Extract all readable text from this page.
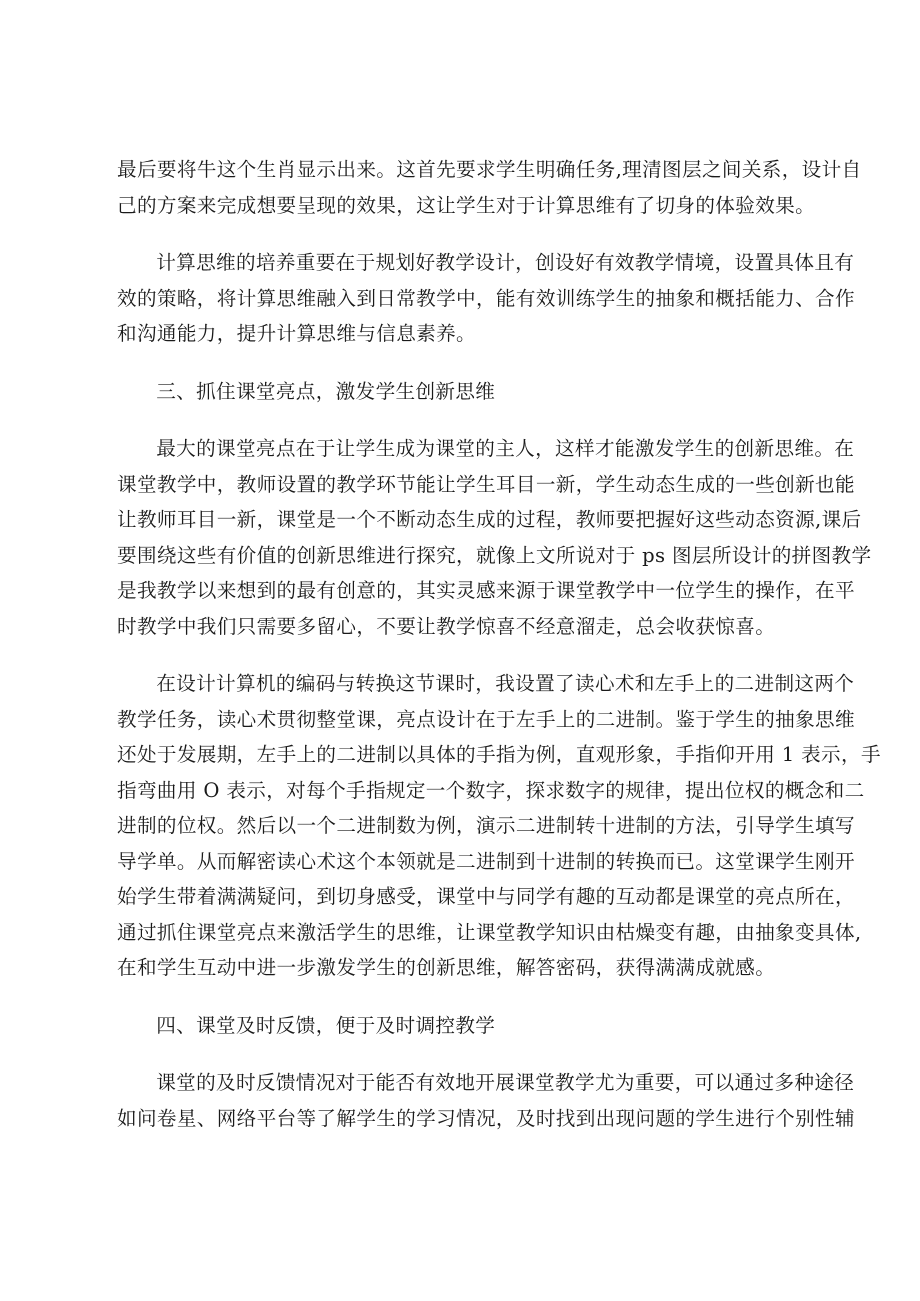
最后要将牛这个生肖显示出来。这首先要求学生明确任务,理清图层之间关系，设计自
己的方案来完成想要呈现的效果，这让学生对于计算思维有了切身的体验效果。
计算思维的培养重要在于规划好教学设计，创设好有效教学情境，设置具体且有
效的策略，将计算思维融入到日常教学中，能有效训练学生的抽象和概括能力、合作
和沟通能力，提升计算思维与信息素养。
三、抓住课堂亮点，激发学生创新思维
最大的课堂亮点在于让学生成为课堂的主人，这样才能激发学生的创新思维。在
课堂教学中，教师设置的教学环节能让学生耳目一新，学生动态生成的一些创新也能
让教师耳目一新，课堂是一个不断动态生成的过程，教师要把握好这些动态资源,课后
要围绕这些有价值的创新思维进行探究，就像上文所说对于 ps 图层所设计的拼图教学
是我教学以来想到的最有创意的，其实灵感来源于课堂教学中一位学生的操作，在平
时教学中我们只需要多留心，不要让教学惊喜不经意溜走，总会收获惊喜。
在设计计算机的编码与转换这节课时，我设置了读心术和左手上的二进制这两个
教学任务，读心术贯彻整堂课，亮点设计在于左手上的二进制。鉴于学生的抽象思维
还处于发展期，左手上的二进制以具体的手指为例，直观形象，手指仰开用 1 表示，手
指弯曲用 O 表示，对每个手指规定一个数字，探求数字的规律，提出位权的概念和二
进制的位权。然后以一个二进制数为例，演示二进制转十进制的方法，引导学生填写
导学单。从而解密读心术这个本领就是二进制到十进制的转换而已。这堂课学生刚开
始学生带着满满疑问，到切身感受，课堂中与同学有趣的互动都是课堂的亮点所在，
通过抓住课堂亮点来激活学生的思维，让课堂教学知识由枯燥变有趣，由抽象变具体,
在和学生互动中进一步激发学生的创新思维，解答密码，获得满满成就感。
四、课堂及时反馈，便于及时调控教学
课堂的及时反馈情况对于能否有效地开展课堂教学尤为重要，可以通过多种途径
如问卷星、网络平台等了解学生的学习情况，及时找到出现问题的学生进行个别性辅
